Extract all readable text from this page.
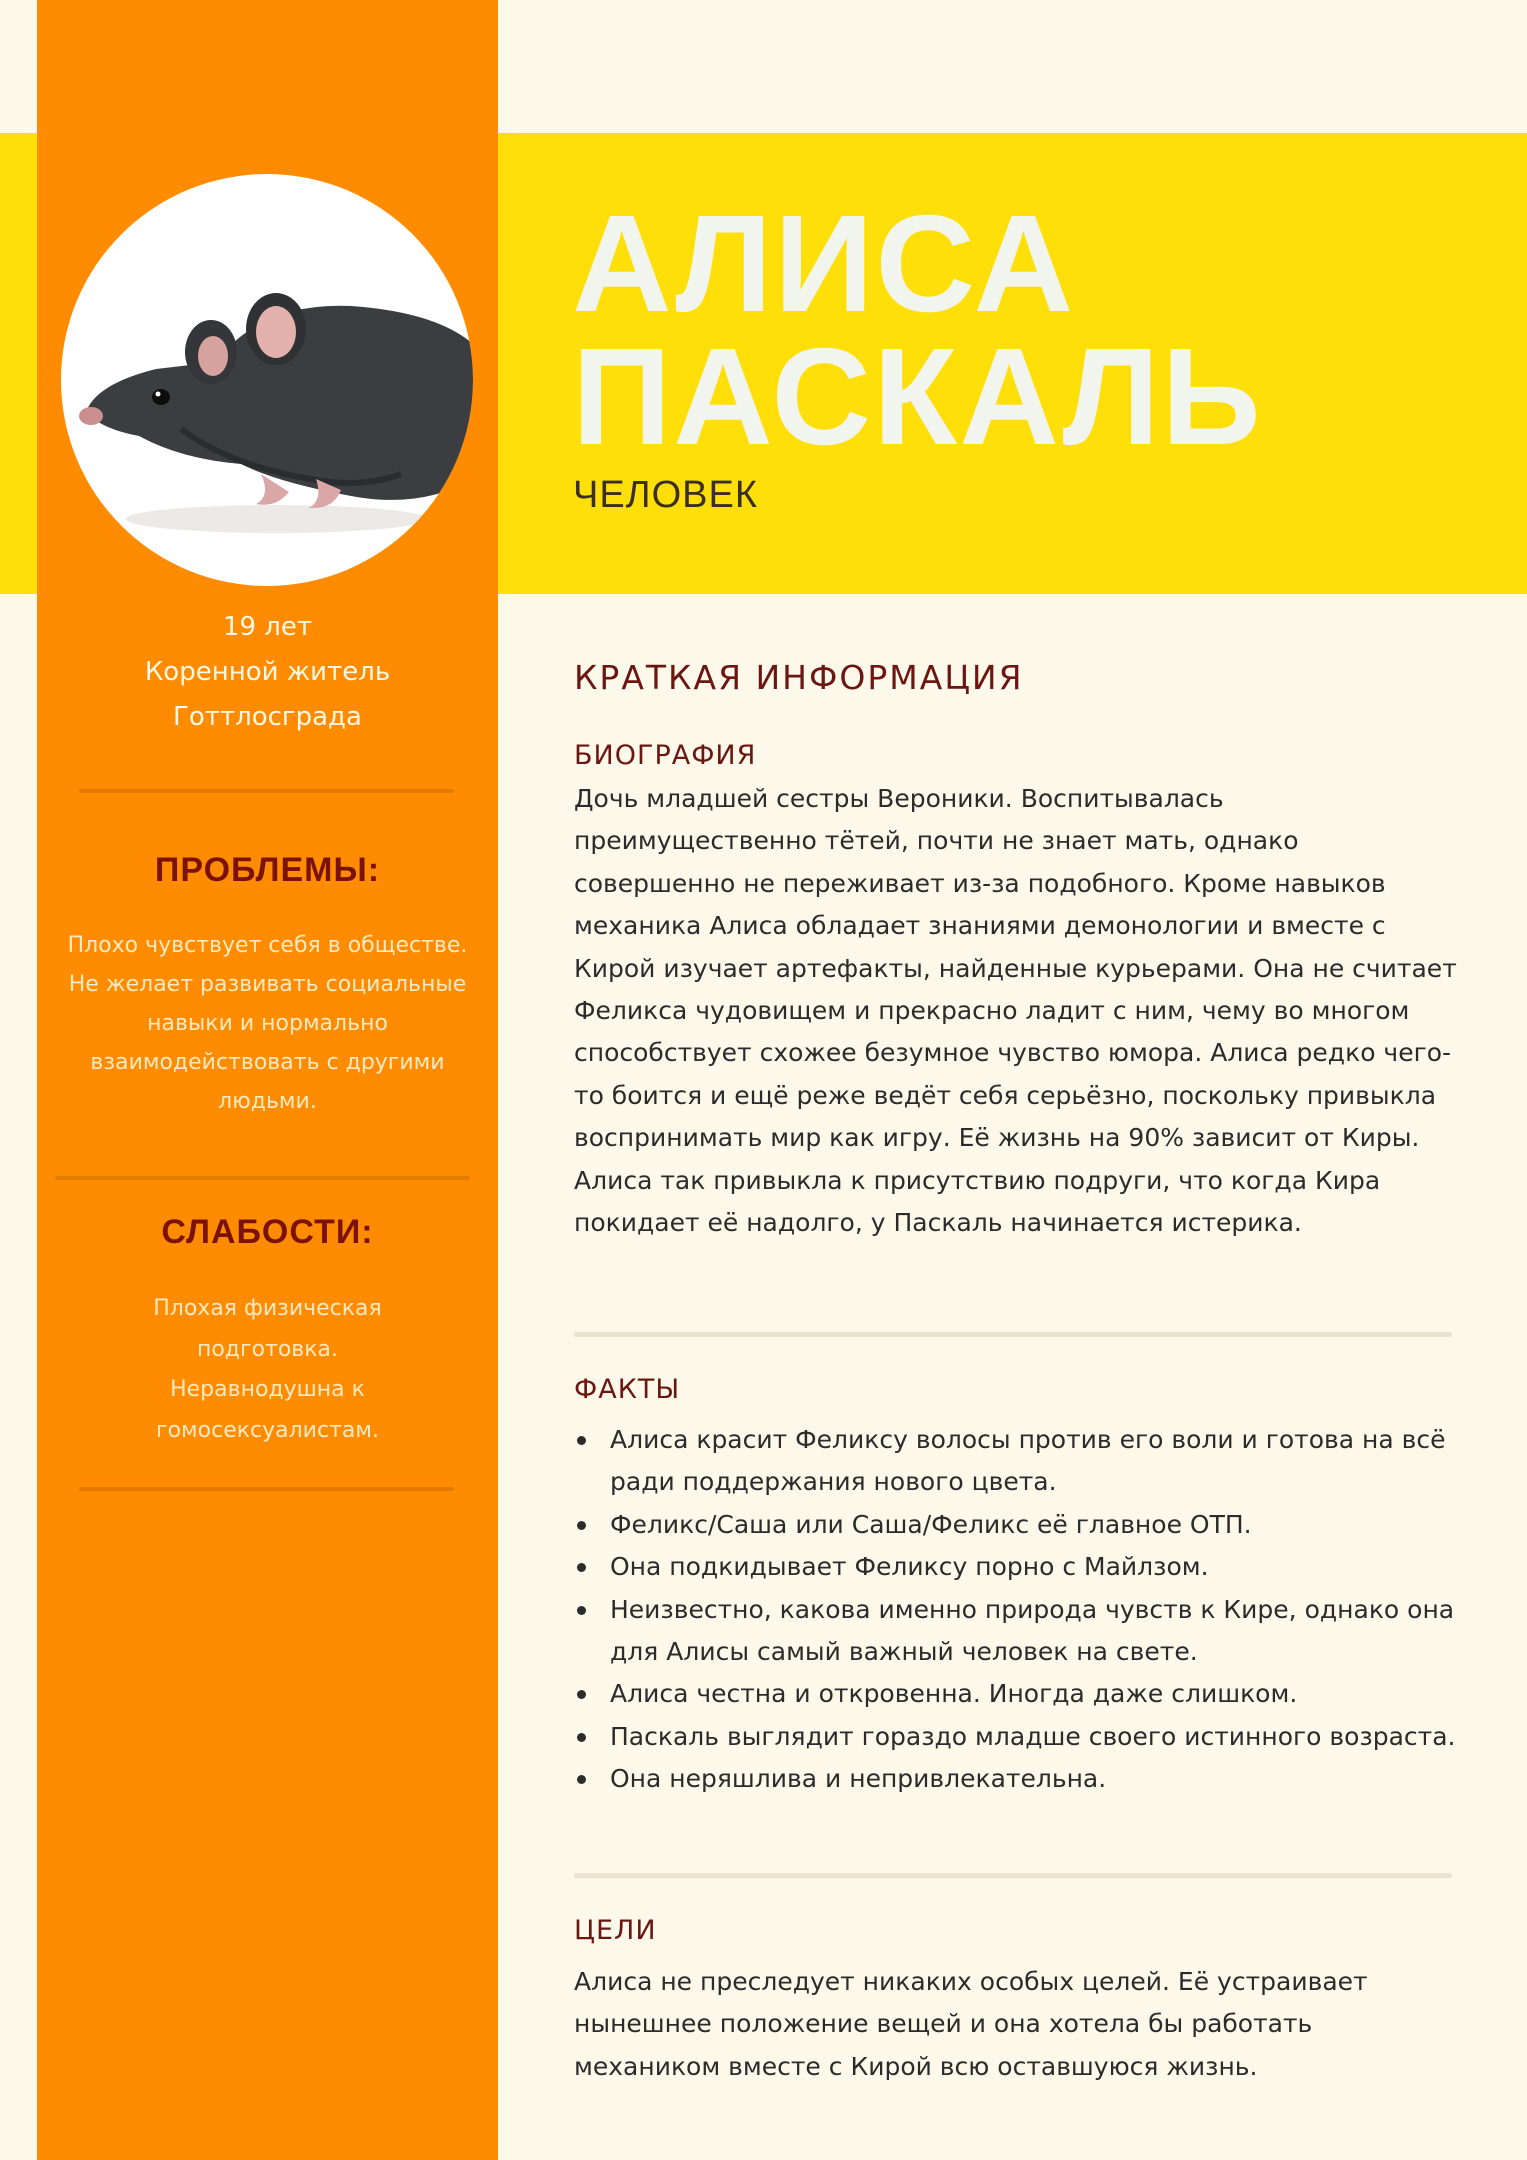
19 лет
Коренной житель
Готтлосграда
ПРОБЛЕМЫ:
Плохо чувствует себя в обществе. Не желает развивать социальные навыки и нормально взаимодействовать с другими людьми.
СЛАБОСТИ:
Плохая физическая подготовка. Неравнодушна к гомосексуалистам.
АЛИСА
ПАСКАЛЬ
ЧЕЛОВЕК
КРАТКАЯ ИНФОРМАЦИЯ
БИОГРАФИЯ
Дочь младшей сестры Вероники. Воспитывалась преимущественно тётей, почти не знает мать, однако совершенно не переживает из-за подобного. Кроме навыков механика Алиса обладает знаниями демонологии и вместе с Кирой изучает артефакты, найденные курьерами. Она не считает Феликса чудовищем и прекрасно ладит с ним, чему во многом способствует схожее безумное чувство юмора. Алиса редко чего-то боится и ещё реже ведёт себя серьёзно, поскольку привыкла воспринимать мир как игру. Её жизнь на 90% зависит от Киры. Алиса так привыкла к присутствию подруги, что когда Кира покидает её надолго, у Паскаль начинается истерика.
ФАКТЫ
Алиса красит Феликсу волосы против его воли и готова на всё ради поддержания нового цвета.
Феликс/Саша или Саша/Феликс её главное ОТП.
Она подкидывает Феликсу порно с Майлзом.
Неизвестно, какова именно природа чувств к Кире, однако она для Алисы самый важный человек на свете.
Алиса честна и откровенна. Иногда даже слишком.
Паскаль выглядит гораздо младше своего истинного возраста.
Она неряшлива и непривлекательна.
ЦЕЛИ
Алиса не преследует никаких особых целей. Её устраивает нынешнее положение вещей и она хотела бы работать механиком вместе с Кирой всю оставшуюся жизнь.
